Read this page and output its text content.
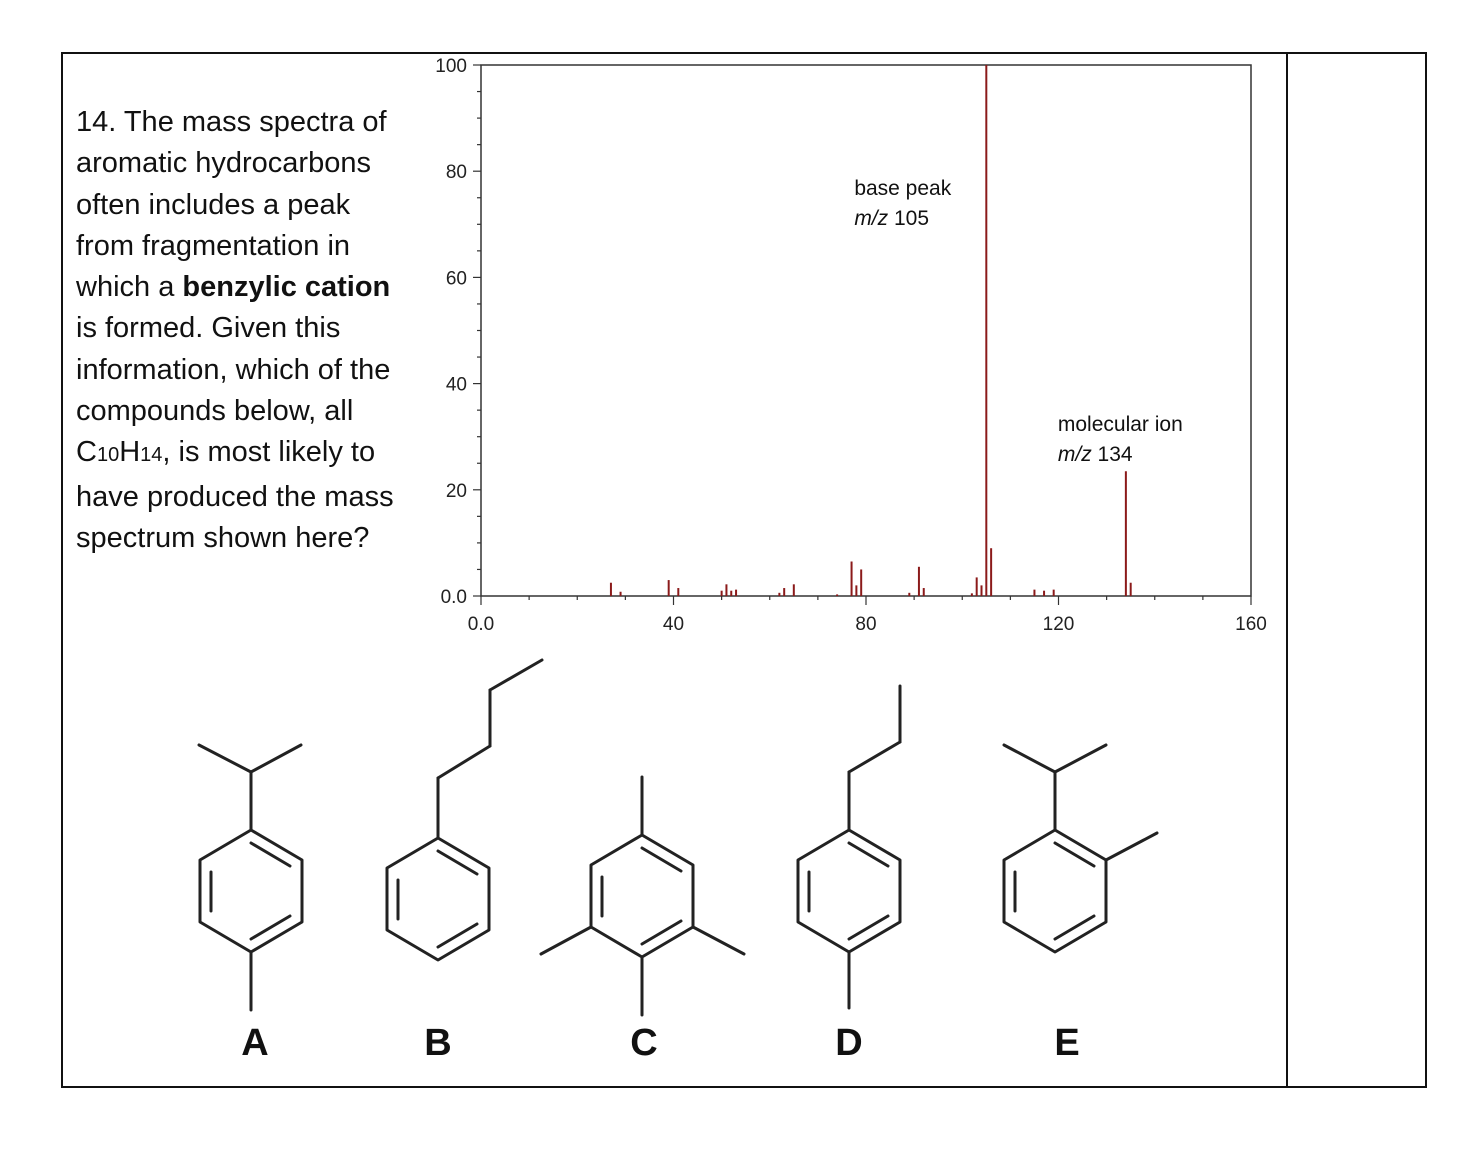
14. The mass spectra of aromatic hydrocarbons often includes a peak from fragmentation in which a benzylic cation is formed. Given this information, which of the compounds below, all C10H14, is most likely to have produced the mass spectrum shown here?
0.0
20
40
60
80
100
0.0	40	80	120	160
base peak
m/z 105
molecular ion
m/z 134
A	B	C	D	E
